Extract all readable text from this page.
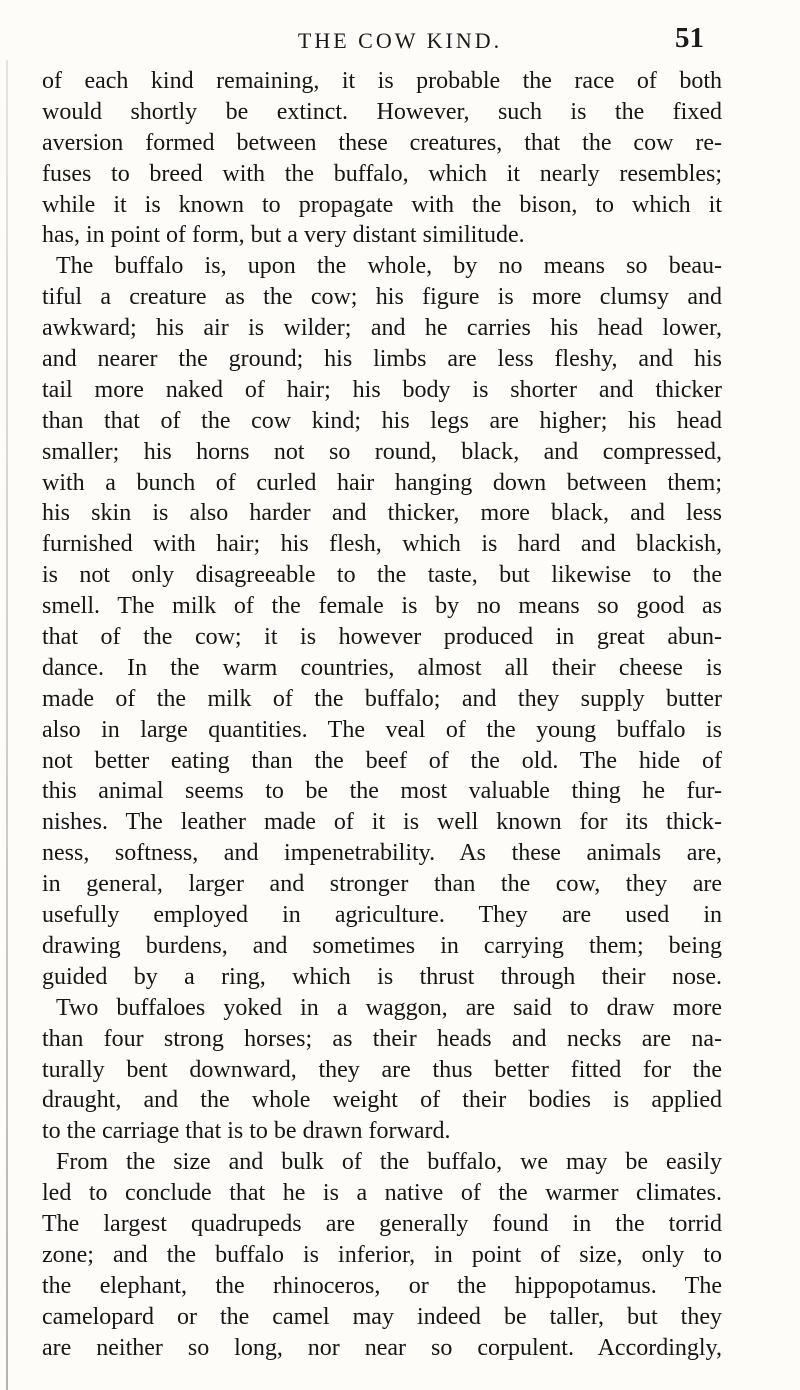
THE COW KIND.	51
of each kind remaining, it is probable the race of both
would shortly be extinct. However, such is the fixed
aversion formed between these creatures, that the cow re-
fuses to breed with the buffalo, which it nearly resembles;
while it is known to propagate with the bison, to which it
has, in point of form, but a very distant similitude.
The buffalo is, upon the whole, by no means so beau-
tiful a creature as the cow; his figure is more clumsy and
awkward; his air is wilder; and he carries his head lower,
and nearer the ground; his limbs are less fleshy, and his
tail more naked of hair; his body is shorter and thicker
than that of the cow kind; his legs are higher; his head
smaller; his horns not so round, black, and compressed,
with a bunch of curled hair hanging down between them;
his skin is also harder and thicker, more black, and less
furnished with hair; his flesh, which is hard and blackish,
is not only disagreeable to the taste, but likewise to the
smell. The milk of the female is by no means so good as
that of the cow; it is however produced in great abun-
dance. In the warm countries, almost all their cheese is
made of the milk of the buffalo; and they supply butter
also in large quantities. The veal of the young buffalo is
not better eating than the beef of the old. The hide of
this animal seems to be the most valuable thing he fur-
nishes. The leather made of it is well known for its thick-
ness, softness, and impenetrability. As these animals are,
in general, larger and stronger than the cow, they are
usefully employed in agriculture. They are used in
drawing burdens, and sometimes in carrying them; being
guided by a ring, which is thrust through their nose.
Two buffaloes yoked in a waggon, are said to draw more
than four strong horses; as their heads and necks are na-
turally bent downward, they are thus better fitted for the
draught, and the whole weight of their bodies is applied
to the carriage that is to be drawn forward.
From the size and bulk of the buffalo, we may be easily
led to conclude that he is a native of the warmer climates.
The largest quadrupeds are generally found in the torrid
zone; and the buffalo is inferior, in point of size, only to
the elephant, the rhinoceros, or the hippopotamus. The
camelopard or the camel may indeed be taller, but they
are neither so long, nor near so corpulent. Accordingly,
